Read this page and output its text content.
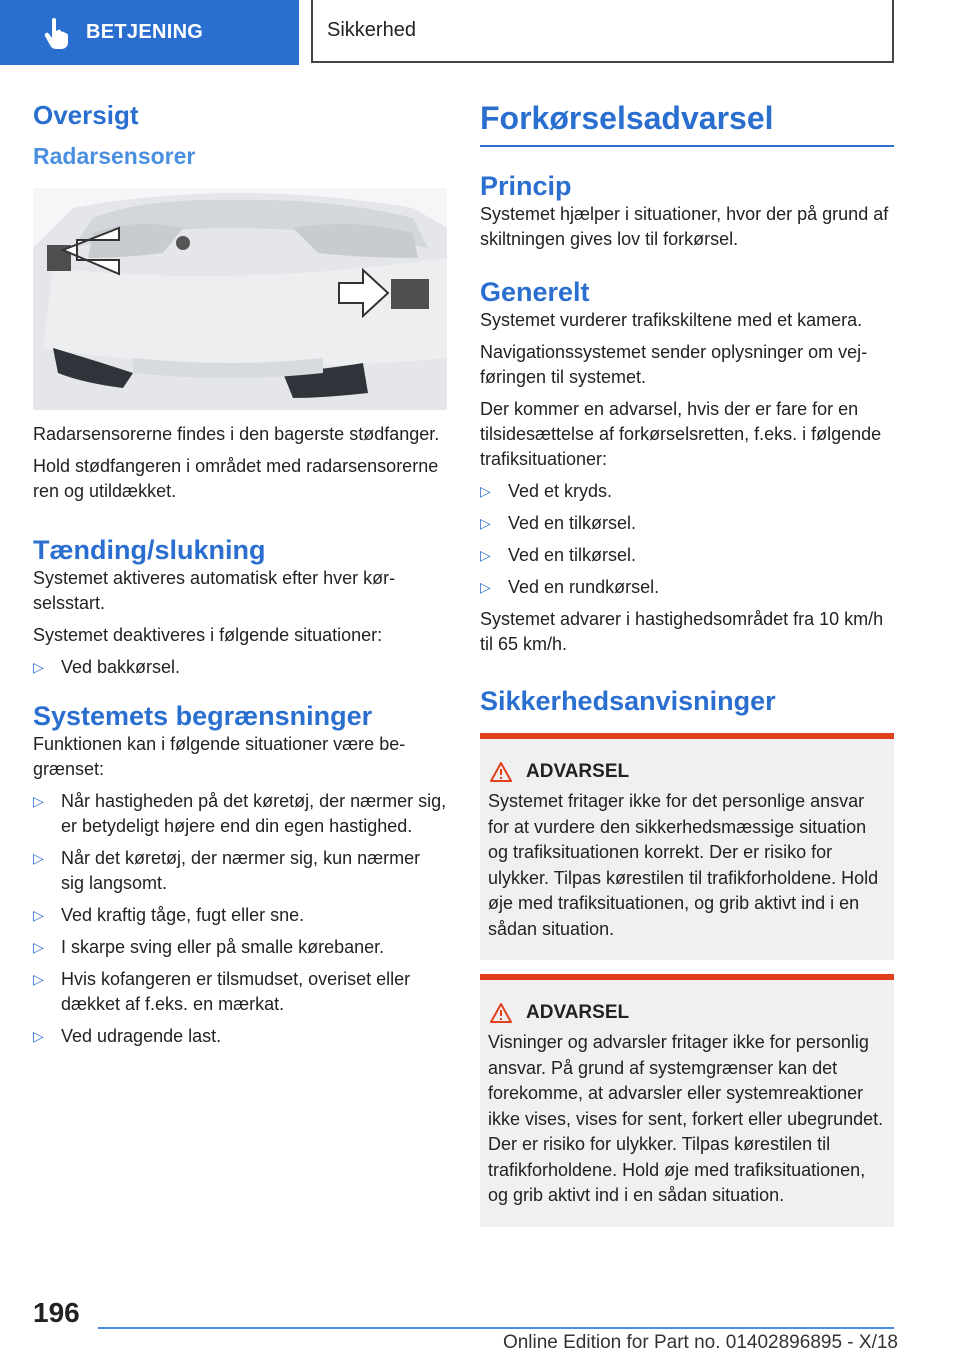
BETJENING	Sikkerhed
Oversigt
Radarsensorer

Radarsensorerne findes i den bagerste stødfanger.

Hold stødfangeren i området med radarsensorerne ren og utildækket.

Tænding/slukning

Systemet aktiveres automatisk efter hver kørselsstart.

Systemet deaktiveres i følgende situationer:

▷ Ved bakkørsel.
Systemets begrænsninger

Funktionen kan i følgende situationer være begrænset:

▷ Når hastigheden på det køretøj, der nærmer sig, er betydeligt højere end din egen hastighed.
▷ Når det køretøj, der nærmer sig, kun nærmer sig langsomt.
▷ Ved kraftig tåge, fugt eller sne.
▷ I skarpe sving eller på smalle kørebaner.
▷ Hvis kofangeren er tilsmudset, overiset eller dækket af f.eks. en mærkat.
▷ Ved udragende last.
Forkørselsadvarsel
Princip

Systemet hjælper i situationer, hvor der på grund af skiltningen gives lov til forkørsel.

Generelt

Systemet vurderer trafikskiltene med et kamera.

Navigationssystemet sender oplysninger om vejføringen til systemet.

Der kommer en advarsel, hvis der er fare for en tilsidesættelse af forkørselsretten, f.eks. i følgende trafiksituationer:

▷ Ved et kryds.
▷ Ved en tilkørsel.
▷ Ved en tilkørsel.
▷ Ved en rundkørsel.

Systemet advarer i hastighedsområdet fra 10 km/h til 65 km/h.

Sikkerhedsanvisninger
ADVARSEL

Systemet fritager ikke for det personlige ansvar for at vurdere den sikkerhedsmæssige situation og trafiksituationen korrekt. Der er risiko for ulykker. Tilpas kørestilen til trafikforholdene. Hold øje med trafiksituationen, og grib aktivt ind i en sådan situation.

ADVARSEL

Visninger og advarsler fritager ikke for personlig ansvar. På grund af systemgrænser kan det forekomme, at advarsler eller systemreaktioner ikke vises, vises for sent, forkert eller ubegrundet. Der er risiko for ulykker. Tilpas kørestilen til trafikforholdene. Hold øje med trafiksituationen, og grib aktivt ind i en sådan situation.

196
Online Edition for Part no. 01402896895 - X/18
